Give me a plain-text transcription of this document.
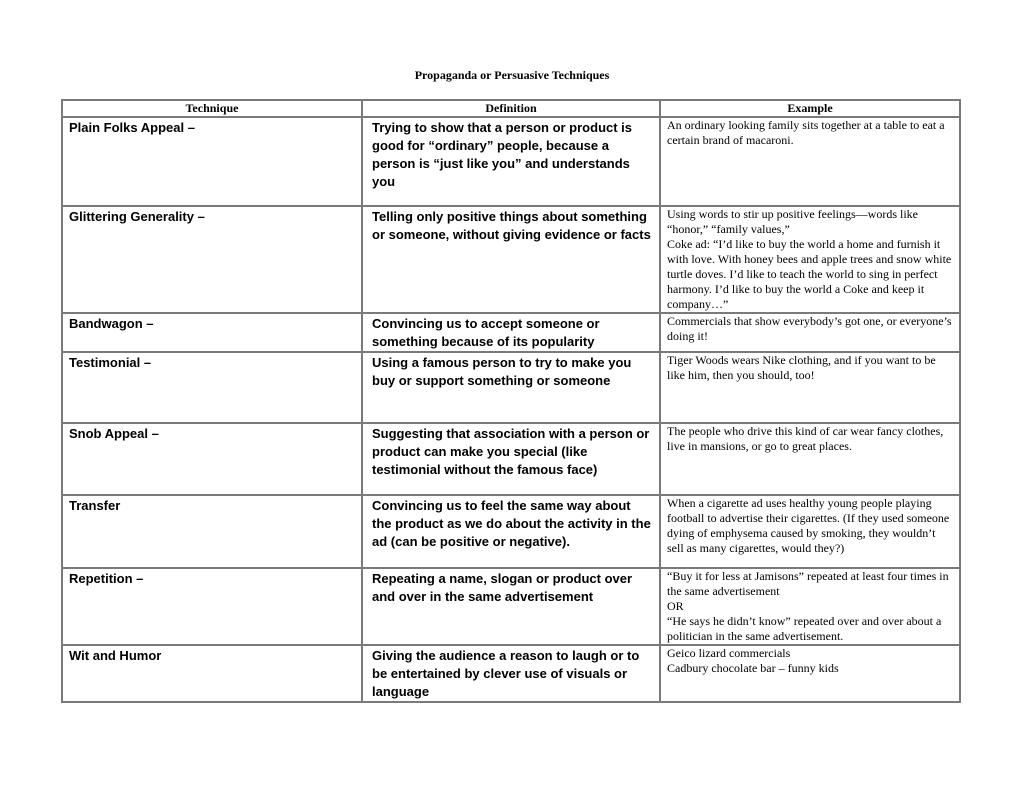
Propaganda or Persuasive Techniques
Technique	Definition	Example
Plain Folks Appeal –	Trying to show that a person or product is good for “ordinary” people, because a person is “just like you” and understands you	An ordinary looking family sits together at a table to eat a certain brand of macaroni.

Glittering Generality –	Telling only positive things about something or someone, without giving evidence or facts	Using words to stir up positive feelings—words like “honor,” “family values,”
Coke ad: “I’d like to buy the world a home and furnish it with love. With honey bees and apple trees and snow white turtle doves. I’d like to teach the world to sing in perfect harmony. I’d like to buy the world a Coke and keep it company…”

Bandwagon –	Convincing us to accept someone or something because of its popularity	Commercials that show everybody’s got one, or everyone’s doing it!

Testimonial –	Using a famous person to try to make you buy or support something or someone	Tiger Woods wears Nike clothing, and if you want to be like him, then you should, too!

Snob Appeal –	Suggesting that association with a person or product can make you special (like testimonial without the famous face)	The people who drive this kind of car wear fancy clothes, live in mansions, or go to great places.

Transfer	Convincing us to feel the same way about the product as we do about the activity in the ad (can be positive or negative).	When a cigarette ad uses healthy young people playing football to advertise their cigarettes. (If they used someone dying of emphysema caused by smoking, they wouldn’t sell as many cigarettes, would they?)

Repetition –	Repeating a name, slogan or product over and over in the same advertisement	“Buy it for less at Jamisons” repeated at least four times in the same advertisement
OR
“He says he didn’t know” repeated over and over about a politician in the same advertisement.

Wit and Humor	Giving the audience a reason to laugh or to be entertained by clever use of visuals or language	Geico lizard commercials
Cadbury chocolate bar – funny kids
